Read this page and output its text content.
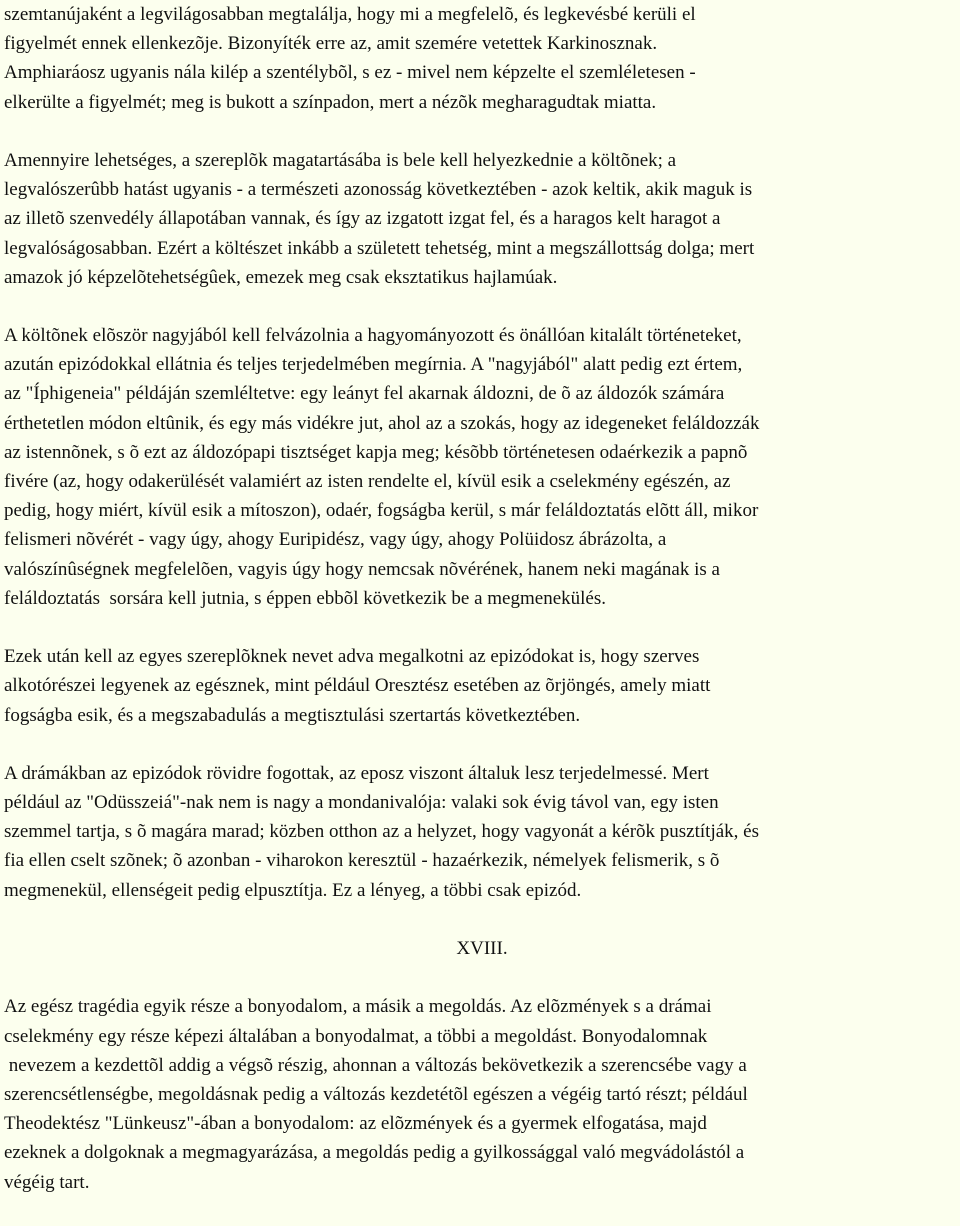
szemtanújaként a legvilágosabban megtalálja, hogy mi a megfelelõ, és legkevésbé kerüli el
figyelmét ennek ellenkezõje. Bizonyíték erre az, amit szemére vetettek Karkinosznak.
Amphiaráosz ugyanis nála kilép a szentélybõl, s ez - mivel nem képzelte el szemléletesen -
elkerülte a figyelmét; meg is bukott a színpadon, mert a nézõk megharagudtak miatta.
Amennyire lehetséges, a szereplõk magatartásába is bele kell helyezkednie a költõnek; a
legvalószerûbb hatást ugyanis - a természeti azonosság következtében - azok keltik, akik maguk is
az illetõ szenvedély állapotában vannak, és így az izgatott izgat fel, és a haragos kelt haragot a
legvalóságosabban. Ezért a költészet inkább a született tehetség, mint a megszállottság dolga; mert
amazok jó képzelõtehetségûek, emezek meg csak eksztatikus hajlamúak.
A költõnek elõször nagyjából kell felvázolnia a hagyományozott és önállóan kitalált történeteket,
azután epizódokkal ellátnia és teljes terjedelmében megírnia. A "nagyjából" alatt pedig ezt értem,
az "Íphigeneia" példáján szemléltetve: egy leányt fel akarnak áldozni, de õ az áldozók számára
érthetetlen módon eltûnik, és egy más vidékre jut, ahol az a szokás, hogy az idegeneket feláldozzák
az istennõnek, s õ ezt az áldozópapi tisztséget kapja meg; késõbb történetesen odaérkezik a papnõ
fivére (az, hogy odakerülését valamiért az isten rendelte el, kívül esik a cselekmény egészén, az
pedig, hogy miért, kívül esik a mítoszon), odaér, fogságba kerül, s már feláldoztatás elõtt áll, mikor
felismeri nõvérét - vagy úgy, ahogy Euripidész, vagy úgy, ahogy Polüidosz ábrázolta, a
valószínûségnek megfelelõen, vagyis úgy hogy nemcsak nõvérének, hanem neki magának is a
feláldoztatás  sorsára kell jutnia, s éppen ebbõl következik be a megmenekülés.
Ezek után kell az egyes szereplõknek nevet adva megalkotni az epizódokat is, hogy szerves
alkotórészei legyenek az egésznek, mint például Oresztész esetében az õrjöngés, amely miatt
fogságba esik, és a megszabadulás a megtisztulási szertartás következtében.
A drámákban az epizódok rövidre fogottak, az eposz viszont általuk lesz terjedelmessé. Mert
például az "Odüsszeiá"-nak nem is nagy a mondanivalója: valaki sok évig távol van, egy isten
szemmel tartja, s õ magára marad; közben otthon az a helyzet, hogy vagyonát a kérõk pusztítják, és
fia ellen cselt szõnek; õ azonban - viharokon keresztül - hazaérkezik, némelyek felismerik, s õ
megmenekül, ellenségeit pedig elpusztítja. Ez a lényeg, a többi csak epizód.
XVIII.
Az egész tragédia egyik része a bonyodalom, a másik a megoldás. Az elõzmények s a drámai
cselekmény egy része képezi általában a bonyodalmat, a többi a megoldást. Bonyodalomnak
nevezem a kezdettõl addig a végsõ részig, ahonnan a változás bekövetkezik a szerencsébe vagy a
szerencsétlenségbe, megoldásnak pedig a változás kezdetétõl egészen a végéig tartó részt; például
Theodektész "Lünkeusz"-ában a bonyodalom: az elõzmények és a gyermek elfogatása, majd
ezeknek a dolgoknak a megmagyarázása, a megoldás pedig a gyilkossággal való megvádolástól a
végéig tart.
